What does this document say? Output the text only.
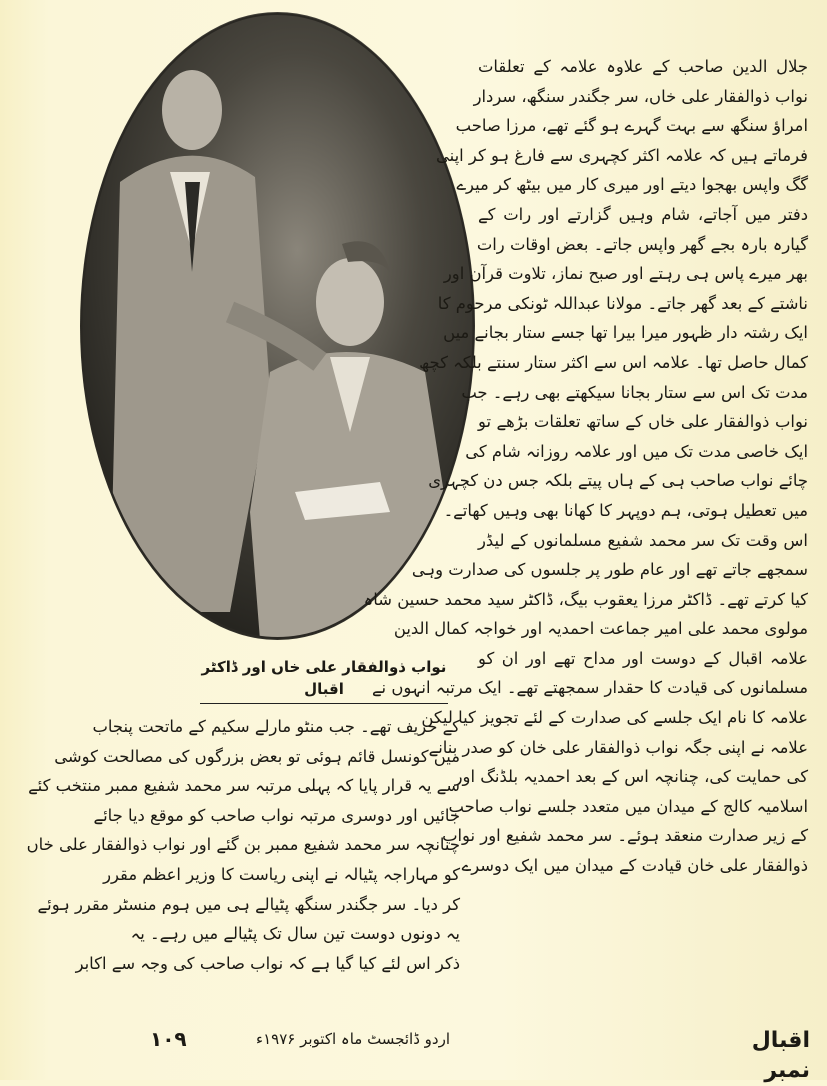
نواب ذوالفقار علی خاں اور ڈاکٹر اقبال
جلال الدین صاحب کے علاوہ علامہ کے تعلقات
نواب ذوالفقار علی خاں، سر جگندر سنگھ، سردار
امراؤ سنگھ سے بہت گہرے ہو گئے تھے، مرزا صاحب
فرماتے ہیں کہ علامہ اکثر کچہری سے فارغ ہو کر اپنی
گگ واپس بھجوا دیتے اور میری کار میں بیٹھ کر میرے
دفتر میں آجاتے، شام وہیں گزارتے اور رات کے
گیارہ بارہ بجے گھر واپس جاتے۔ بعض اوقات رات
بھر میرے پاس ہی رہتے اور صبح نماز، تلاوت قرآن اور
ناشتے کے بعد گھر جاتے۔ مولانا عبداللہ ٹونکی مرحوم کا
ایک رشتہ دار ظہور میرا بیرا تھا جسے ستار بجانے میں
کمال حاصل تھا۔ علامہ اس سے اکثر ستار سنتے بلکہ کچھ
مدت تک اس سے ستار بجانا سیکھتے بھی رہے۔ جب
نواب ذوالفقار علی خاں کے ساتھ تعلقات بڑھے تو
ایک خاصی مدت تک میں اور علامہ روزانہ شام کی
چائے نواب صاحب ہی کے ہاں پیتے بلکہ جس دن کچہری
میں تعطیل ہوتی، ہم دوپہر کا کھانا بھی وہیں کھاتے۔
اس وقت تک سر محمد شفیع مسلمانوں کے لیڈر
سمجھے جاتے تھے اور عام طور پر جلسوں کی صدارت وہی
کیا کرتے تھے۔ ڈاکٹر مرزا یعقوب بیگ، ڈاکٹر سید محمد حسین شاہ
مولوی محمد علی امیر جماعت احمدیہ اور خواجہ کمال الدین
علامہ اقبال کے دوست اور مداح تھے اور ان کو
مسلمانوں کی قیادت کا حقدار سمجھتے تھے۔ ایک مرتبہ انہوں نے
علامہ کا نام ایک جلسے کی صدارت کے لئے تجویز کیا لیکن
علامہ نے اپنی جگہ نواب ذوالفقار علی خان کو صدر بنانے
کی حمایت کی، چنانچہ اس کے بعد احمدیہ بلڈنگ اور
اسلامیہ کالج کے میدان میں متعدد جلسے نواب صاحب
کے زیر صدارت منعقد ہوئے۔ سر محمد شفیع اور نواب
ذوالفقار علی خان قیادت کے میدان میں ایک دوسرے
کے حریف تھے۔ جب منٹو مارلے سکیم کے ماتحت پنجاب
میں کونسل قائم ہوئی تو بعض بزرگوں کی مصالحت کوشی
سے یہ قرار پایا کہ پہلی مرتبہ سر محمد شفیع ممبر منتخب کئے
جائیں اور دوسری مرتبہ نواب صاحب کو موقع دیا جائے
چنانچہ سر محمد شفیع ممبر بن گئے اور نواب ذوالفقار علی خاں
کو مہاراجہ پٹیالہ نے اپنی ریاست کا وزیر اعظم مقرر
کر دیا۔ سر جگندر سنگھ پٹیالے ہی میں ہوم منسٹر مقرر ہوئے
یہ دونوں دوست تین سال تک پٹیالے میں رہے۔ یہ
ذکر اس لئے کیا گیا ہے کہ نواب صاحب کی وجہ سے اکابر
اردو ڈائجسٹ ماہ اکتوبر ۱۹۷۶ء
۱۰۹	اقبال نمبر
